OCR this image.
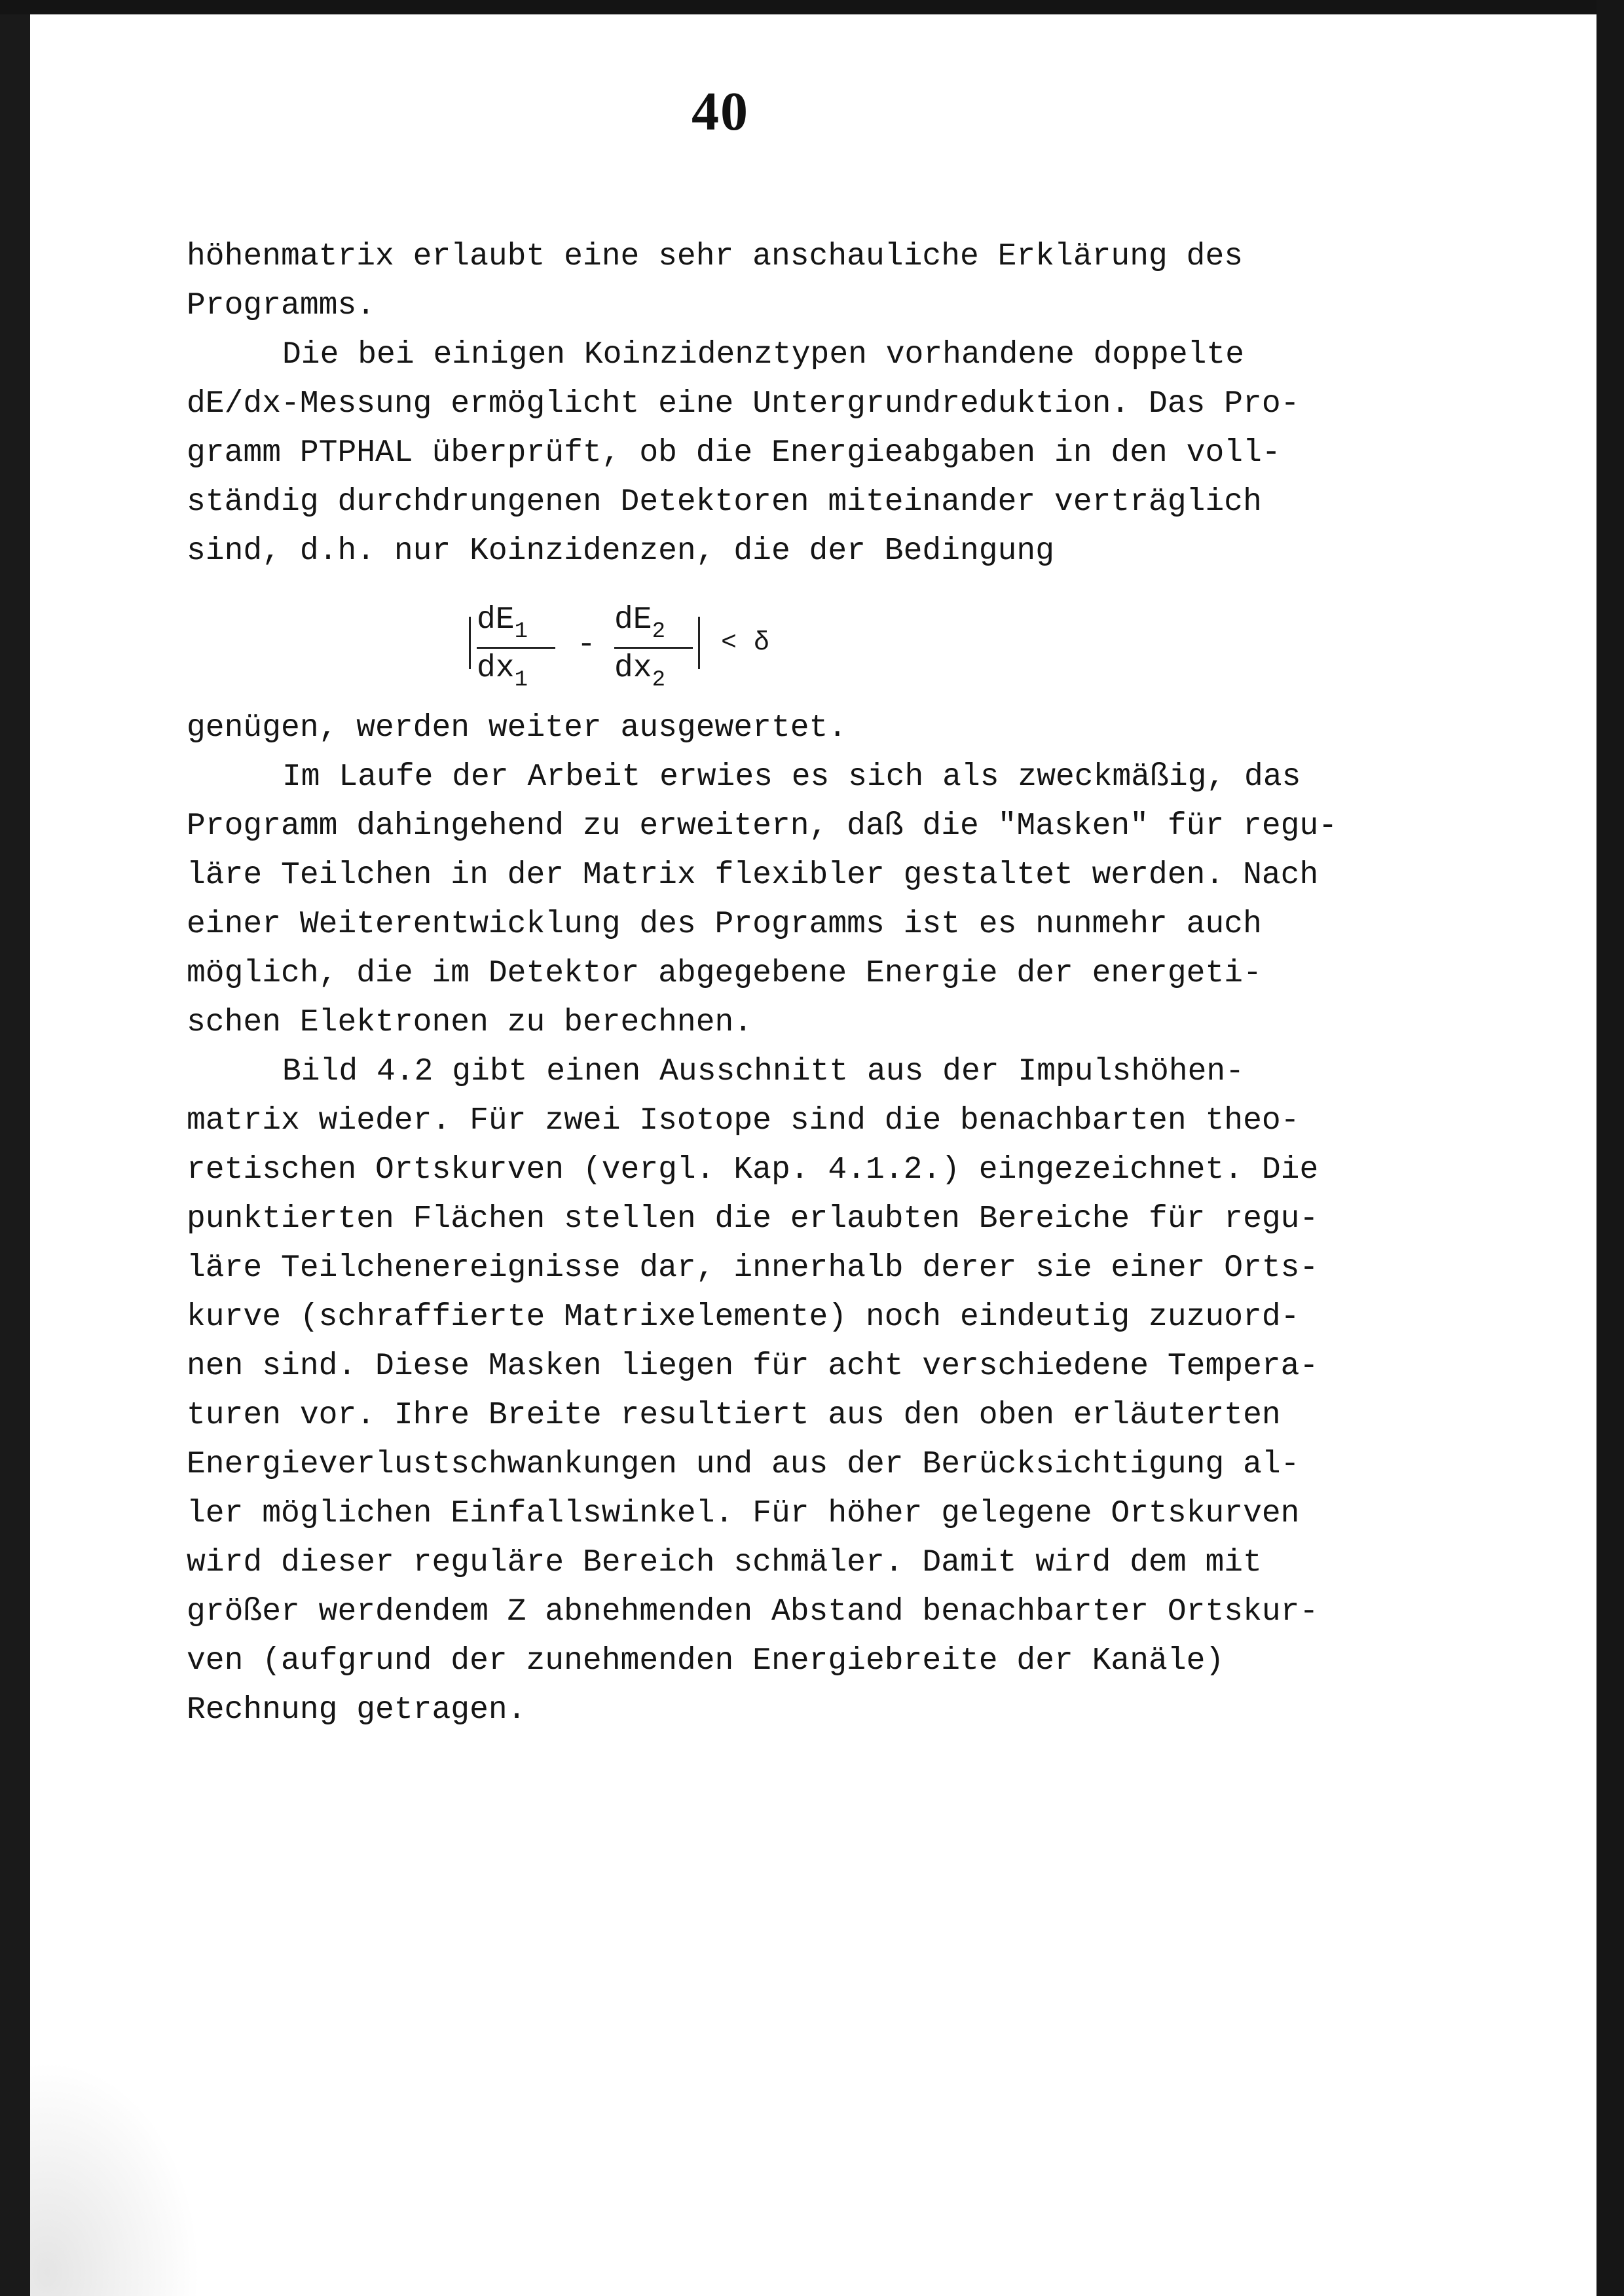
40
höhenmatrix erlaubt eine sehr anschauliche Erklärung des
Programms.
Die bei einigen Koinzidenztypen vorhandene doppelte
dE/dx-Messung ermöglicht eine Untergrundreduktion. Das Pro-
gramm PTPHAL überprüft, ob die Energieabgaben in den voll-
ständig durchdrungenen Detektoren miteinander verträglich
sind, d.h. nur Koinzidenzen, die der Bedingung
$dE_1$
$dx_1$
-
$dE_2$
$dx_2$
< δ
genügen, werden weiter ausgewertet.
Im Laufe der Arbeit erwies es sich als zweckmäßig, das
Programm dahingehend zu erweitern, daß die "Masken" für regu-
läre Teilchen in der Matrix flexibler gestaltet werden. Nach
einer Weiterentwicklung des Programms ist es nunmehr auch
möglich, die im Detektor abgegebene Energie der energeti-
schen Elektronen zu berechnen.
Bild 4.2 gibt einen Ausschnitt aus der Impulshöhen-
matrix wieder. Für zwei Isotope sind die benachbarten theo-
retischen Ortskurven (vergl. Kap. 4.1.2.) eingezeichnet. Die
punktierten Flächen stellen die erlaubten Bereiche für regu-
läre Teilchenereignisse dar, innerhalb derer sie einer Orts-
kurve (schraffierte Matrixelemente) noch eindeutig zuzuord-
nen sind. Diese Masken liegen für acht verschiedene Tempera-
turen vor. Ihre Breite resultiert aus den oben erläuterten
Energieverlustschwankungen und aus der Berücksichtigung al-
ler möglichen Einfallswinkel. Für höher gelegene Ortskurven
wird dieser reguläre Bereich schmäler. Damit wird dem mit
größer werdendem Z abnehmenden Abstand benachbarter Ortskur-
ven (aufgrund der zunehmenden Energiebreite der Kanäle)
Rechnung getragen.
